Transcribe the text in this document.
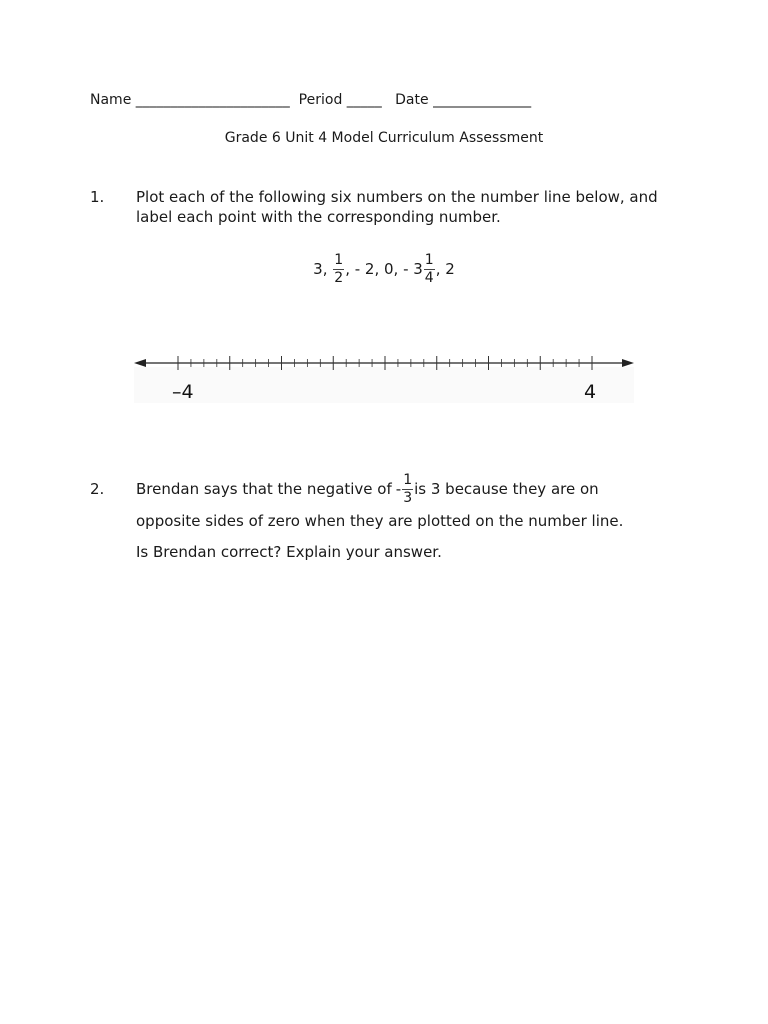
Name ______________________ Period _____ Date ______________
Grade 6 Unit 4 Model Curriculum Assessment
1. Plot each of the following six numbers on the number line below, and
label each point with the corresponding number.
3, $\frac{1}{2}$ , - 2, 0, - $3 \frac{1}{4}$ , 2
–4	4
2. Brendan says that the negative of - $\frac{1}{3}$ is 3 because they are on
opposite sides of zero when they are plotted on the number line.
Is Brendan correct? Explain your answer.
